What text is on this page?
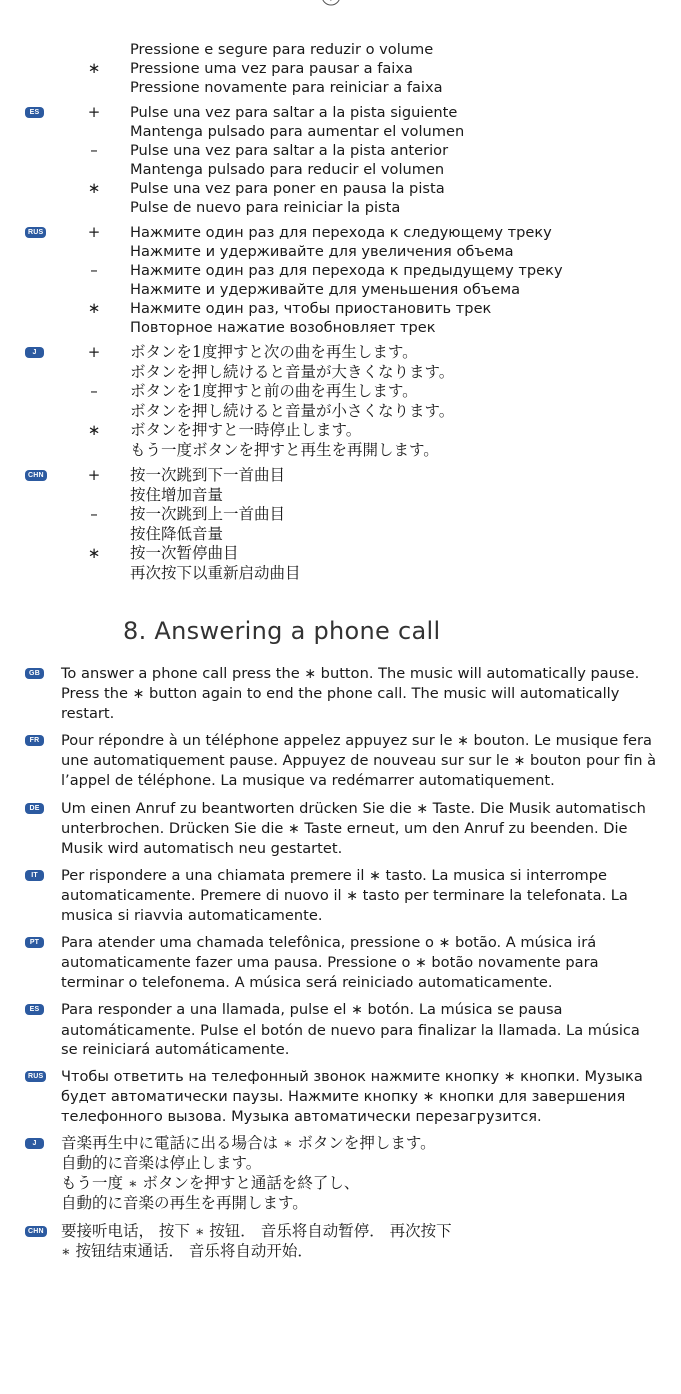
Pressione e segure para reduzir o volume
∗	Pressione uma vez para pausar a faixa
Pressione novamente para reiniciar a faixa
ES	+	Pulse una vez para saltar a la pista siguiente
Mantenga pulsado para aumentar el volumen
–	Pulse una vez para saltar a la pista anterior
Mantenga pulsado para reducir el volumen
∗	Pulse una vez para poner en pausa la pista
Pulse de nuevo para reiniciar la pista
RUS	+	Нажмите один раз для перехода к следующему треку
Нажмите и удерживайте для увеличения объема
–	Нажмите один раз для перехода к предыдущему треку
Нажмите и удерживайте для уменьшения объема
∗	Нажмите один раз, чтобы приостановить трек
Повторное нажатие возобновляет трек
J	+	ボタンを1度押すと次の曲を再生します。
ボタンを押し続けると音量が大きくなります。
–	ボタンを1度押すと前の曲を再生します。
ボタンを押し続けると音量が小さくなります。
∗	ボタンを押すと一時停止します。
もう一度ボタンを押すと再生を再開します。
CHN	+	按一次跳到下一首曲目
按住增加音量
–	按一次跳到上一首曲目
按住降低音量
∗	按一次暂停曲目
再次按下以重新启动曲目
8. Answering a phone call
GB To answer a phone call press the ∗ button. The music will automatically pause. Press the ∗ button again to end the phone call. The music will automatically restart.
FR	Pour répondre à un téléphone appelez appuyez sur le ∗ bouton. Le musique fera une automatiquement pause. Appuyez de nouveau sur sur le ∗ bouton pour fin à l’appel de téléphone. La musique va redémarrer automatiquement.
DE	Um einen Anruf zu beantworten drücken Sie die ∗ Taste. Die Musik automatisch unterbrochen. Drücken Sie die ∗ Taste erneut, um den Anruf zu beenden. Die Musik wird automatisch neu gestartet.
IT	Per rispondere a una chiamata premere il ∗ tasto. La musica si interrompe automaticamente. Premere di nuovo il ∗ tasto per terminare la telefonata. La musica si riavvia automaticamente.
PT	Para atender uma chamada telefônica, pressione o ∗ botão. A música irá automaticamente fazer uma pausa. Pressione o ∗ botão novamente para terminar o telefonema. A música será reiniciado automaticamente.
ES	Para responder a una llamada, pulse el ∗ botón. La música se pausa automáticamente. Pulse el botón de nuevo para finalizar la llamada. La música se reiniciará automáticamente.
RUS Чтобы ответить на телефонный звонок нажмите кнопку ∗ кнопки. Музыка будет автоматически паузы. Нажмите кнопку ∗ кнопки для завершения телефонного вызова. Музыка автоматически перезагрузится.
J	音楽再生中に電話に出る場合は ∗ ボタンを押します。
自動的に音楽は停止します。
もう一度 ∗ ボタンを押すと通話を終了し、
自動的に音楽の再生を再開します。
CHN 要接听电话， 按下 ∗ 按钮． 音乐将自动暂停． 再次按下
∗ 按钮结束通话． 音乐将自动开始．
